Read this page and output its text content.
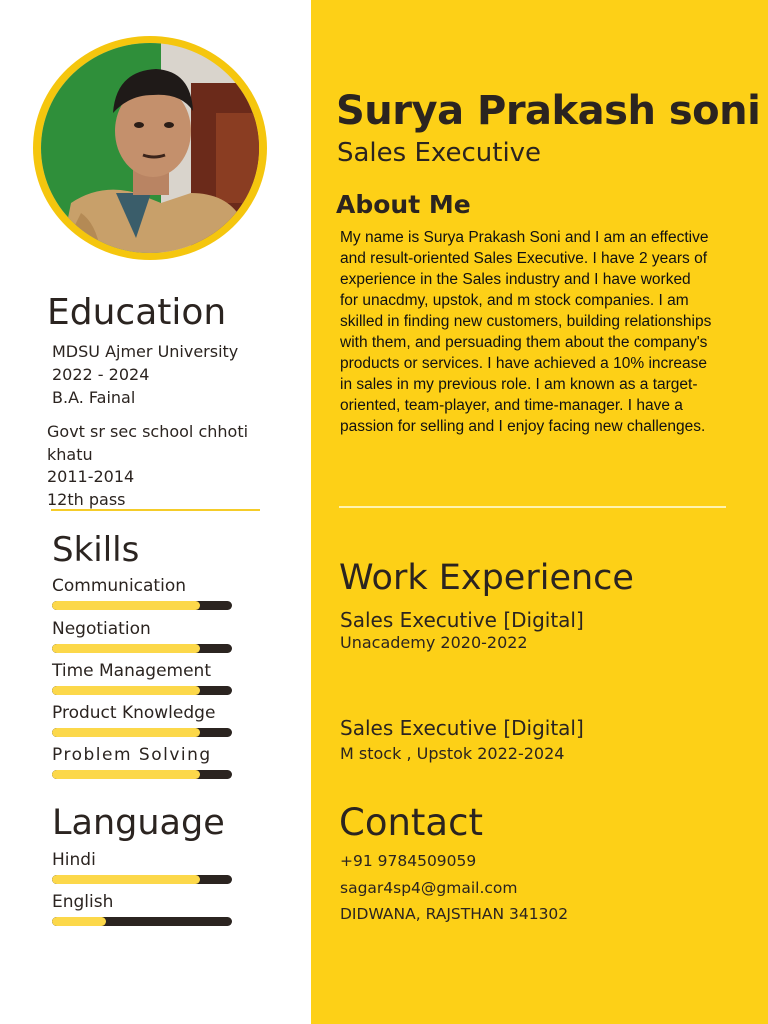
Education
MDSU Ajmer University
2022 - 2024
B.A. Fainal
Govt sr sec school chhoti
khatu
2011-2014
12th pass
Skills
Communication
Negotiation
Time Management
Product Knowledge
Problem Solving
Language
Hindi
English
Surya Prakash soni
Sales Executive
About Me

My name is Surya Prakash Soni and I am an effective and result-oriented Sales Executive. I have 2 years of experience in the Sales industry and I have worked for unacdmy, upstok, and m stock companies. I am skilled in finding new customers, building relationships with them, and persuading them about the company's products or services. I have achieved a 10% increase in sales in my previous role. I am known as a target-oriented, team-player, and time-manager. I have a passion for selling and I enjoy facing new challenges.

Work Experience
Sales Executive [Digital]
Unacademy 2020-2022
Sales Executive [Digital]
M stock , Upstok 2022-2024
Contact
+91 9784509059
sagar4sp4@gmail.com
DIDWANA, RAJSTHAN 341302
